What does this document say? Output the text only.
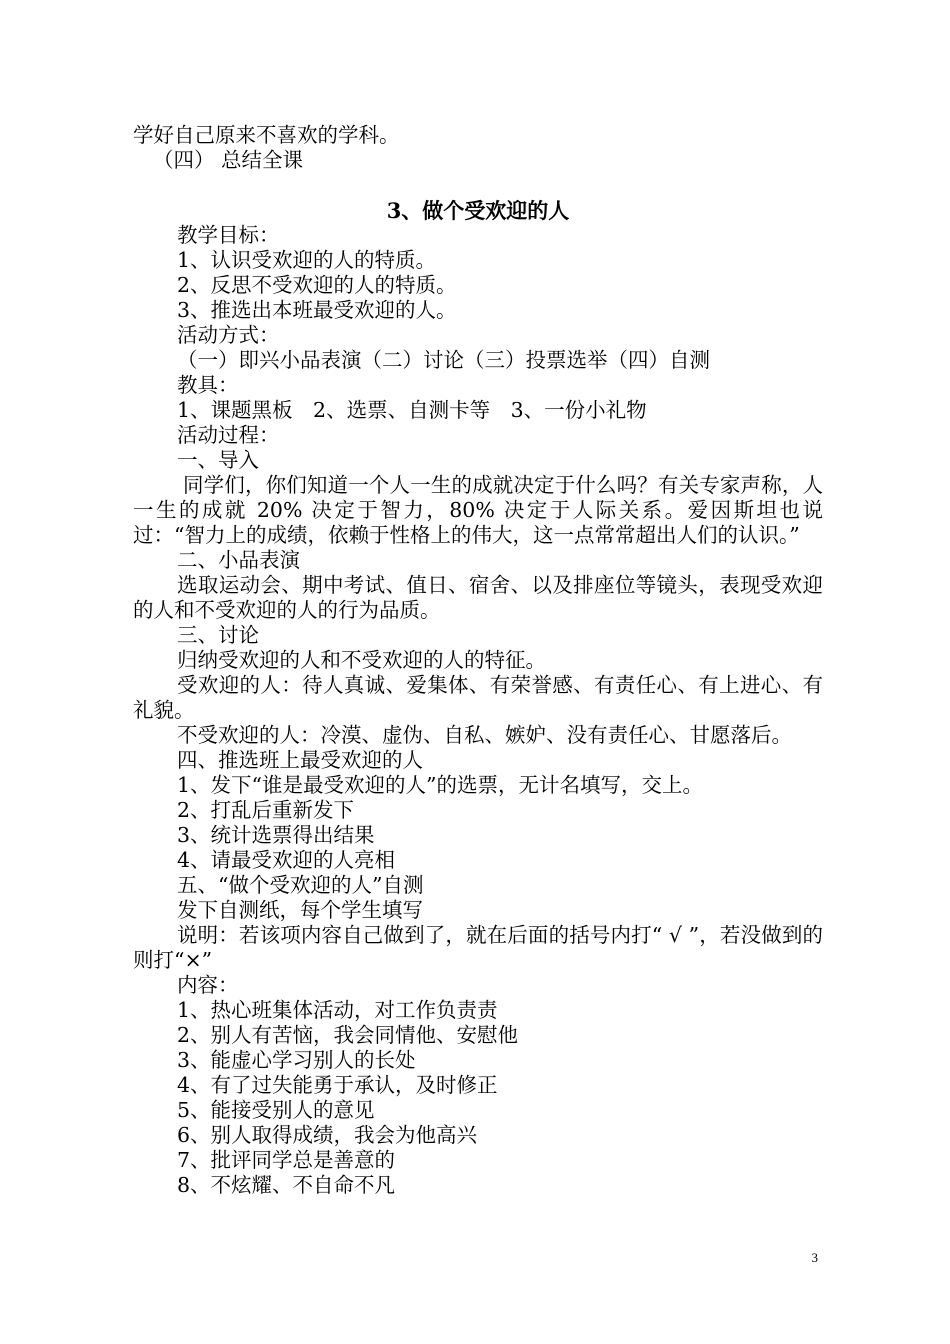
学好自己原来不喜欢的学科。

（四） 总结全课

3、做个受欢迎的人

教学目标：

1、认识受欢迎的人的特质。

2、反思不受欢迎的人的特质。

3、推选出本班最受欢迎的人。

活动方式：

（一）即兴小品表演（二）讨论（三）投票选举（四）自测

教具：

1、课题黑板　2、选票、自测卡等　3、一份小礼物

活动过程：

一、导入

同学们，你们知道一个人一生的成就决定于什么吗？有关专家声称，人一生的成就 20% 决定于智力，80% 决定于人际关系。爱因斯坦也说过：“智力上的成绩，依赖于性格上的伟大，这一点常常超出人们的认识。”

二、小品表演

选取运动会、期中考试、值日、宿舍、以及排座位等镜头，表现受欢迎的人和不受欢迎的人的行为品质。

三、讨论

归纳受欢迎的人和不受欢迎的人的特征。

受欢迎的人：待人真诚、爱集体、有荣誉感、有责任心、有上进心、有礼貌。

不受欢迎的人：冷漠、虚伪、自私、嫉妒、没有责任心、甘愿落后。

四、推选班上最受欢迎的人

1、发下“谁是最受欢迎的人”的选票，无计名填写，交上。

2、打乱后重新发下

3、统计选票得出结果

4、请最受欢迎的人亮相

五、“做个受欢迎的人”自测

发下自测纸，每个学生填写

说明：若该项内容自己做到了，就在后面的括号内打“ √ ”，若没做到的则打“×”

内容：

1、热心班集体活动，对工作负责责

2、别人有苦恼，我会同情他、安慰他

3、能虚心学习别人的长处

4、有了过失能勇于承认，及时修正

5、能接受别人的意见

6、别人取得成绩，我会为他高兴

7、批评同学总是善意的

8、不炫耀、不自命不凡

3
